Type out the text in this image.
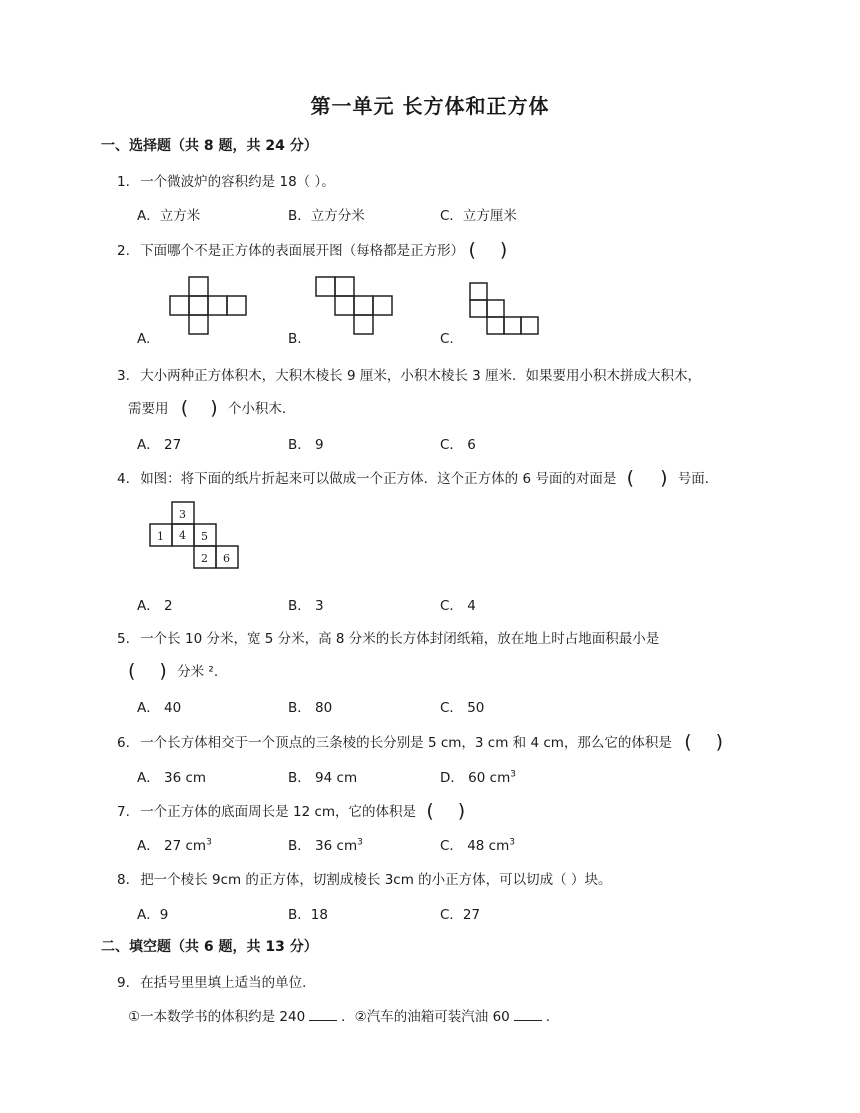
第一单元 长方体和正方体
一、选择题（共 8 题，共 24 分）
1. 一个微波炉的容积约是 18（ ）。
A．立方米	B．立方分米	C．立方厘米
2. 下面哪个不是正方体的表面展开图（每格都是正方形） ( )
A.	B.	C.
3. 大小两种正方体积木，大积木棱长 9 厘米，小积木棱长 3 厘米．如果要用小积木拼成大积木，
需要用 ( ) 个小积木．
A． 27	B． 9	C． 6
4. 如图：将下面的纸片折起来可以做成一个正方体．这个正方体的 6 号面的对面是 ( ) 号面．
3
1 4 5
2 6
A． 2	B． 3	C． 4
5. 一个长 10 分米，宽 5 分米，高 8 分米的长方体封闭纸箱，放在地上时占地面积最小是
( ) 分米 ².
A． 40	B． 80	C． 50
6. 一个长方体相交于一个顶点的三条棱的长分别是 5 cm，3 cm 和 4 cm，那么它的体积是 ( )
A． 36 cm	B． 94 cm	D． 60 $cm^3$
7. 一个正方体的底面周长是 12 cm，它的体积是 ( )
A． 27 $cm^3$	B． 36 $cm^3$	C． 48 $cm^3$
8. 把一个棱长 9cm 的正方体，切割成棱长 3cm 的小正方体，可以切成（ ）块。
A．9	B．18	C．27
二、填空题（共 6 题，共 13 分）
9. 在括号里里填上适当的单位．
①一本数学书的体积约是 240	．②汽车的油箱可装汽油 60	.
